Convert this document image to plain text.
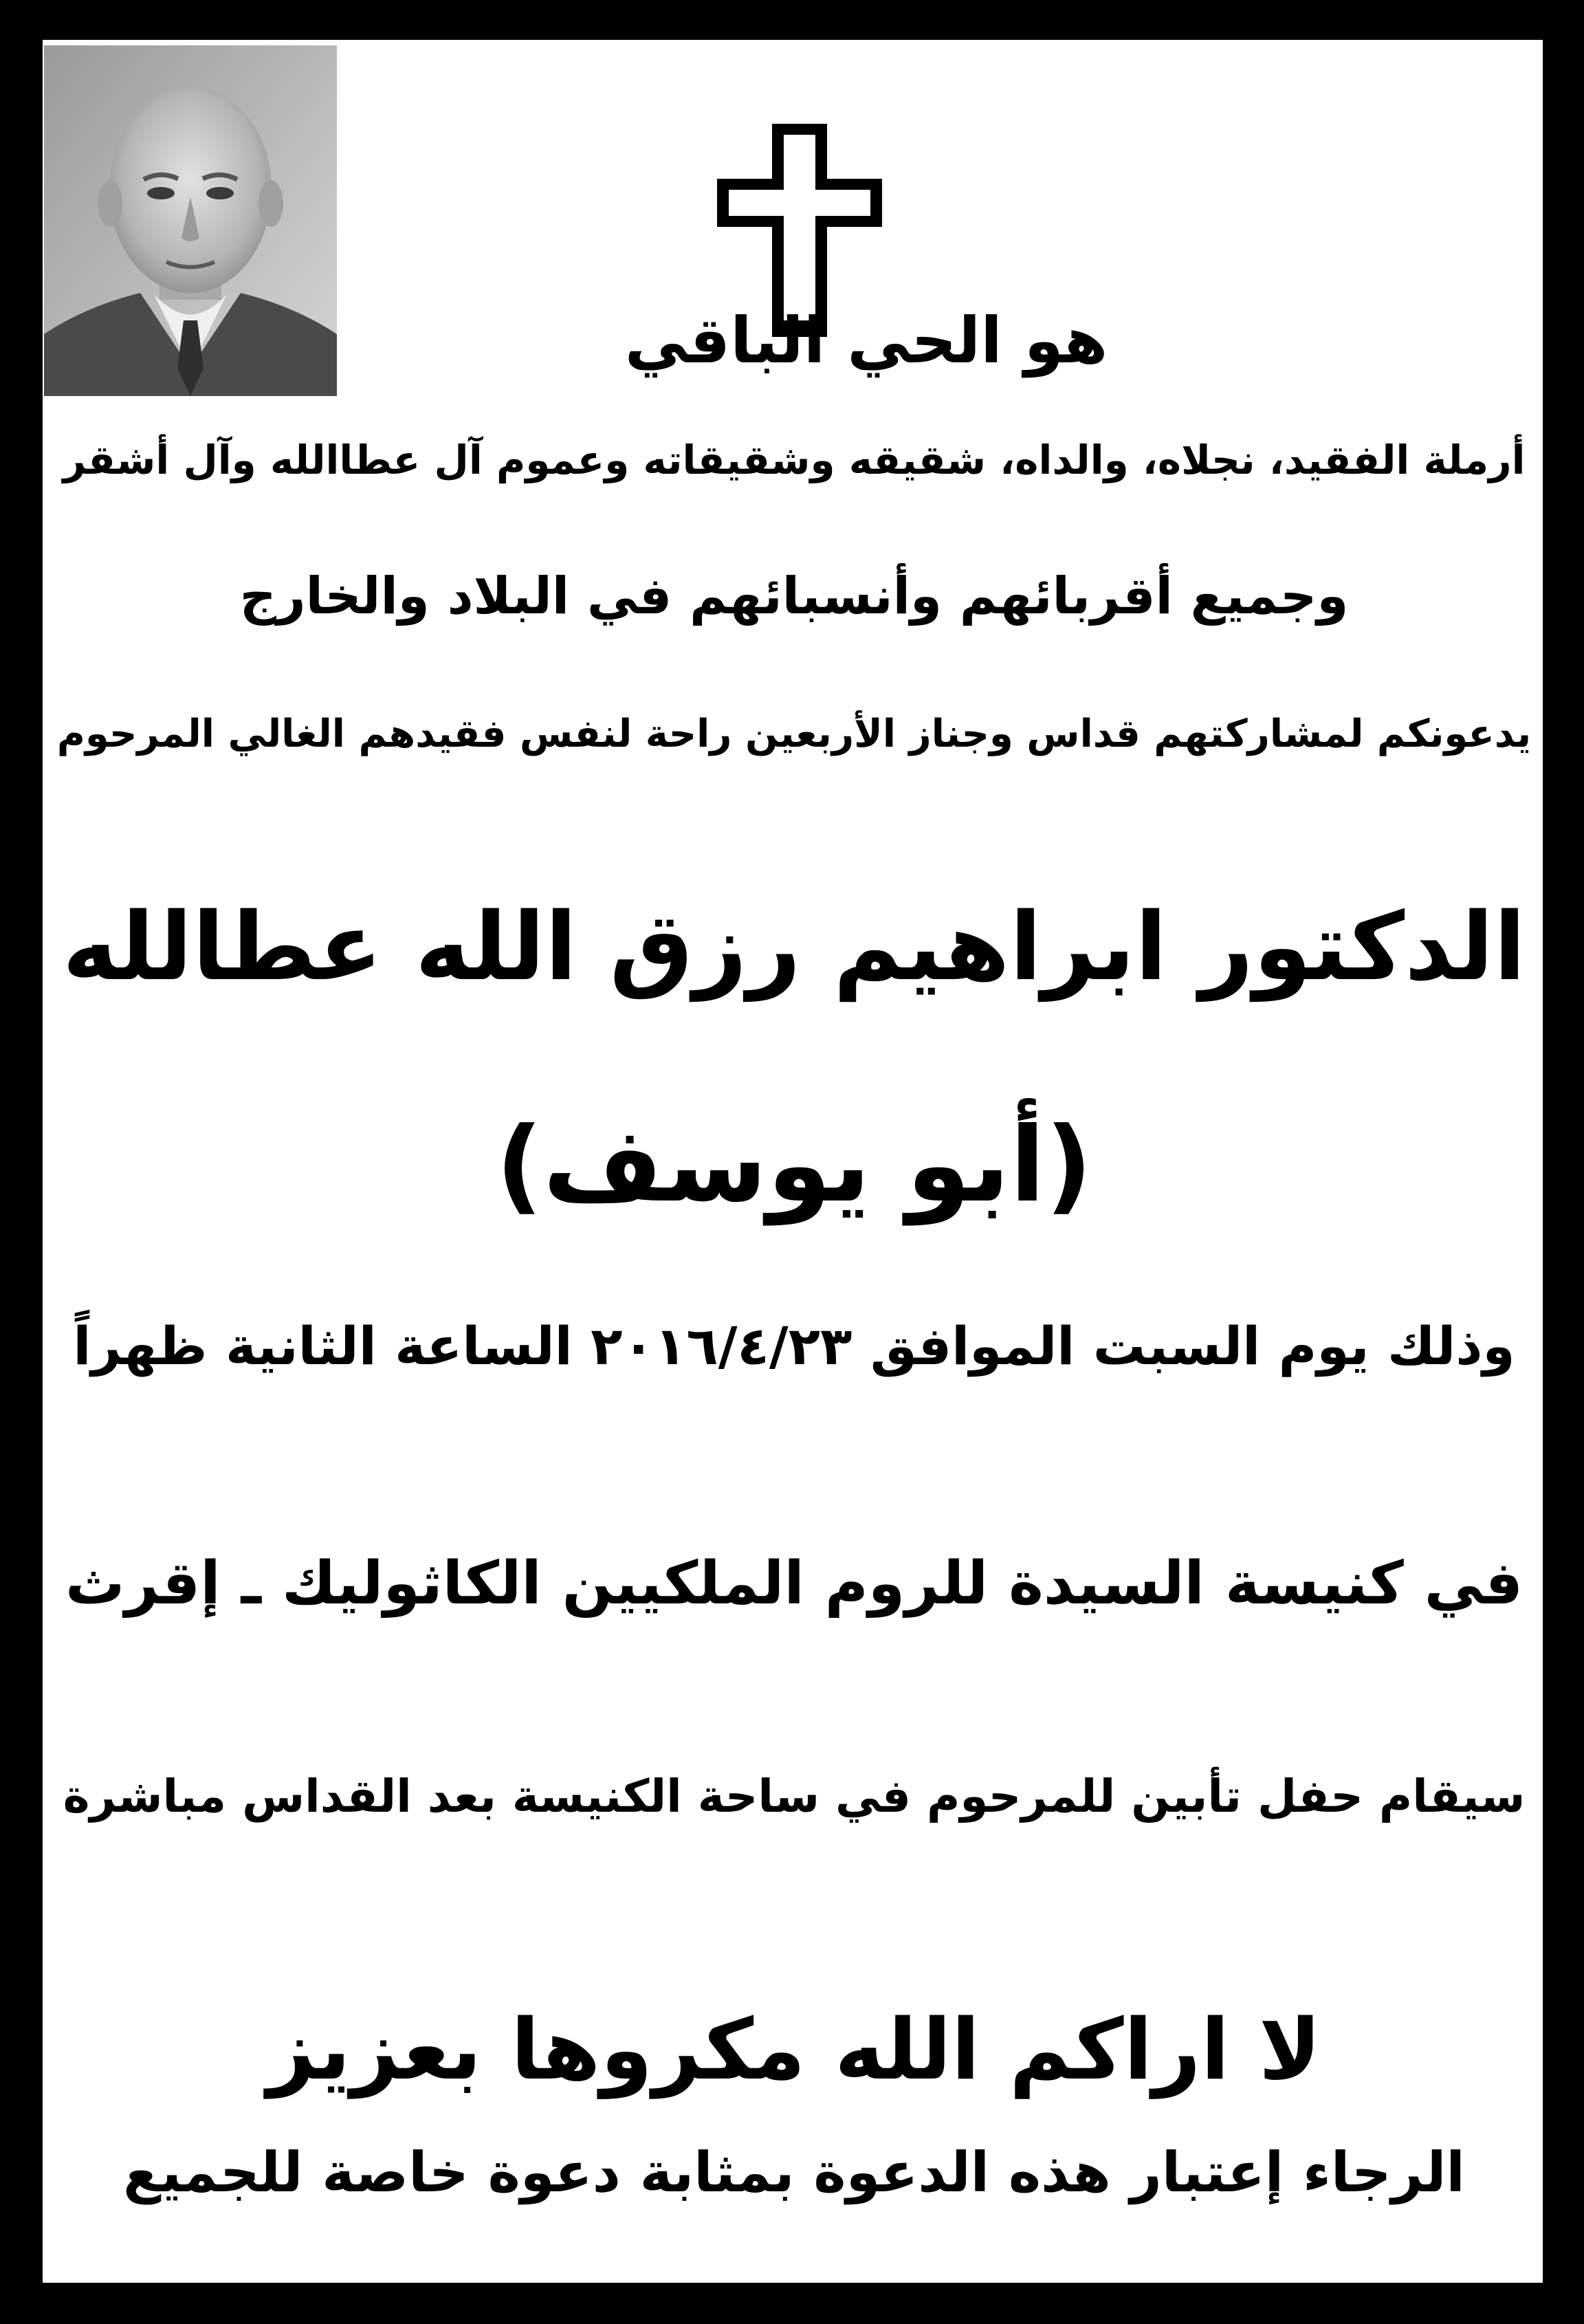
هو الحي الباقي
أرملة الفقيد، نجلاه، والداه، شقيقه وشقيقاته وعموم آل عطاالله وآل أشقر
وجميع أقربائهم وأنسبائهم في البلاد والخارج
يدعونكم لمشاركتهم قداس وجناز الأربعين راحة لنفس فقيدهم الغالي المرحوم
الدكتور ابراهيم رزق الله عطالله
(أبو يوسف)
وذلك يوم السبت الموافق ٢٠١٦/٤/٢٣ الساعة الثانية ظهراً
في كنيسة السيدة للروم الملكيين الكاثوليك ـ إقرث
سيقام حفل تأبين للمرحوم في ساحة الكنيسة بعد القداس مباشرة
لا اراكم الله مكروها بعزيز
الرجاء إعتبار هذه الدعوة بمثابة دعوة خاصة للجميع
